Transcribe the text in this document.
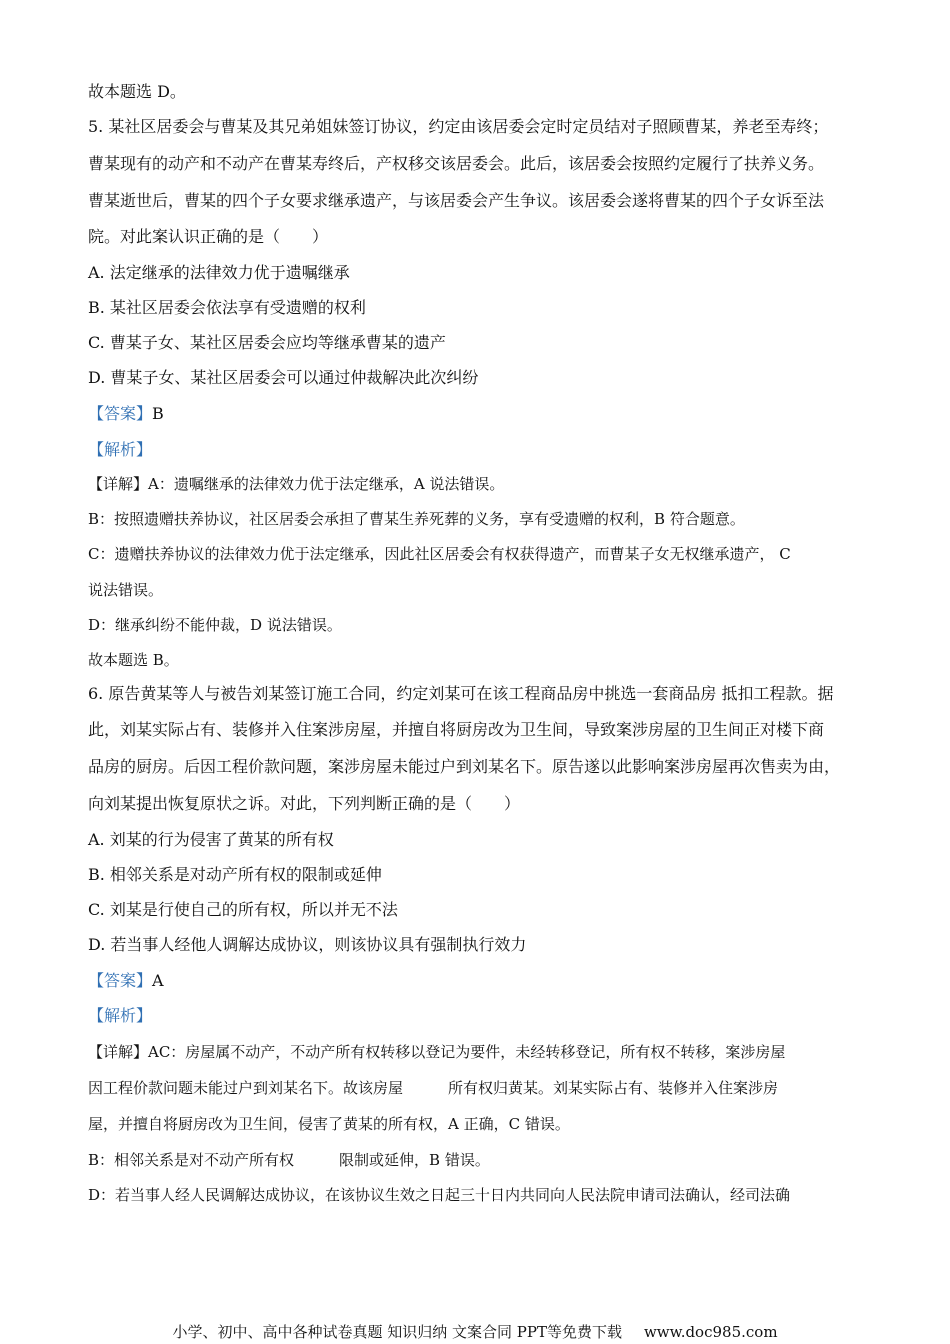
故本题选 D。
5. 某社区居委会与曹某及其兄弟姐妹签订协议，约定由该居委会定时定员结对子照顾曹某，养老至寿终；
曹某现有的动产和不动产在曹某寿终后，产权移交该居委会。此后，该居委会按照约定履行了扶养义务。
曹某逝世后，曹某的四个子女要求继承遗产，与该居委会产生争议。该居委会遂将曹某的四个子女诉至法
院。对此案认识正确的是（　　）
A. 法定继承的法律效力优于遗嘱继承
B. 某社区居委会依法享有受遗赠的权利
C. 曹某子女、某社区居委会应均等继承曹某的遗产
D. 曹某子女、某社区居委会可以通过仲裁解决此次纠纷
【答案】B
【解析】
【详解】A：遗嘱继承的法律效力优于法定继承，A 说法错误。
B：按照遗赠扶养协议，社区居委会承担了曹某生养死葬的义务，享有受遗赠的权利，B 符合题意。
C：遗赠扶养协议的法律效力优于法定继承，因此社区居委会有权获得遗产，而曹某子女无权继承遗产， C
说法错误。
D：继承纠纷不能仲裁，D 说法错误。
故本题选 B。
6. 原告黄某等人与被告刘某签订施工合同，约定刘某可在该工程商品房中挑选一套商品房 抵扣工程款。据
此，刘某实际占有、装修并入住案涉房屋，并擅自将厨房改为卫生间，导致案涉房屋的卫生间正对楼下商
品房的厨房。后因工程价款问题，案涉房屋未能过户到刘某名下。原告遂以此影响案涉房屋再次售卖为由，
向刘某提出恢复原状之诉。对此，下列判断正确的是（　　）
A. 刘某的行为侵害了黄某的所有权
B. 相邻关系是对动产所有权的限制或延伸
C. 刘某是行使自己的所有权，所以并无不法
D. 若当事人经他人调解达成协议，则该协议具有强制执行效力
【答案】A
【解析】
【详解】AC：房屋属不动产，不动产所有权转移以登记为要件，未经转移登记，所有权不转移，案涉房屋
因工程价款问题未能过户到刘某名下。故该房屋　　　所有权归黄某。刘某实际占有、装修并入住案涉房
屋，并擅自将厨房改为卫生间，侵害了黄某的所有权，A 正确，C 错误。
B：相邻关系是对不动产所有权　　　限制或延伸，B 错误。
D：若当事人经人民调解达成协议，在该协议生效之日起三十日内共同向人民法院申请司法确认，经司法确
小学、初中、高中各种试卷真题 知识归纳 文案合同 PPT等免费下载 www.doc985.com
